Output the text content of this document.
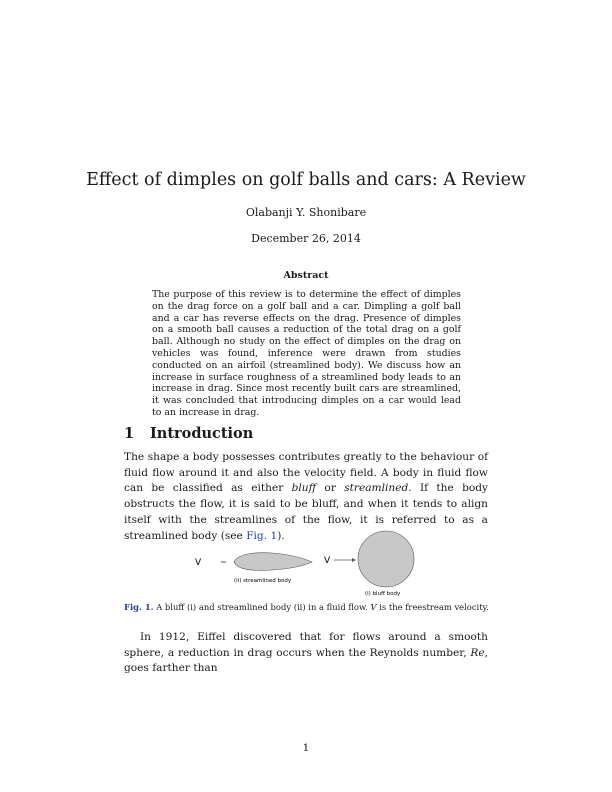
Effect of dimples on golf balls and cars: A Review
Olabanji Y. Shonibare
December 26, 2014
Abstract
The purpose of this review is to determine the effect of dimples on the drag force on a golf ball and a car. Dimpling a golf ball and a car has reverse effects on the drag. Presence of dimples on a smooth ball causes a reduction of the total drag on a golf ball. Although no study on the effect of dimples on the drag on vehicles was found, inference were drawn from studies conducted on an airfoil (streamlined body). We discuss how an increase in surface roughness of a streamlined body leads to an increase in drag. Since most recently built cars are streamlined, it was concluded that introducing dimples on a car would lead to an increase in drag.
1 Introduction
The shape a body possesses contributes greatly to the behaviour of fluid flow around it and also the velocity field. A body in fluid flow can be classified as either bluff or streamlined. If the body obstructs the flow, it is said to be bluff, and when it tends to align itself with the streamlines of the flow, it is referred to as a streamlined body (see Fig. 1).
V
(ii) streamlined body
V
(i) bluff body
Fig. 1. A bluff (i) and streamlined body (ii) in a fluid flow. V is the freestream velocity.
In 1912, Eiffel discovered that for flows around a smooth sphere, a reduction in drag occurs when the Reynolds number, Re, goes farther than
1
